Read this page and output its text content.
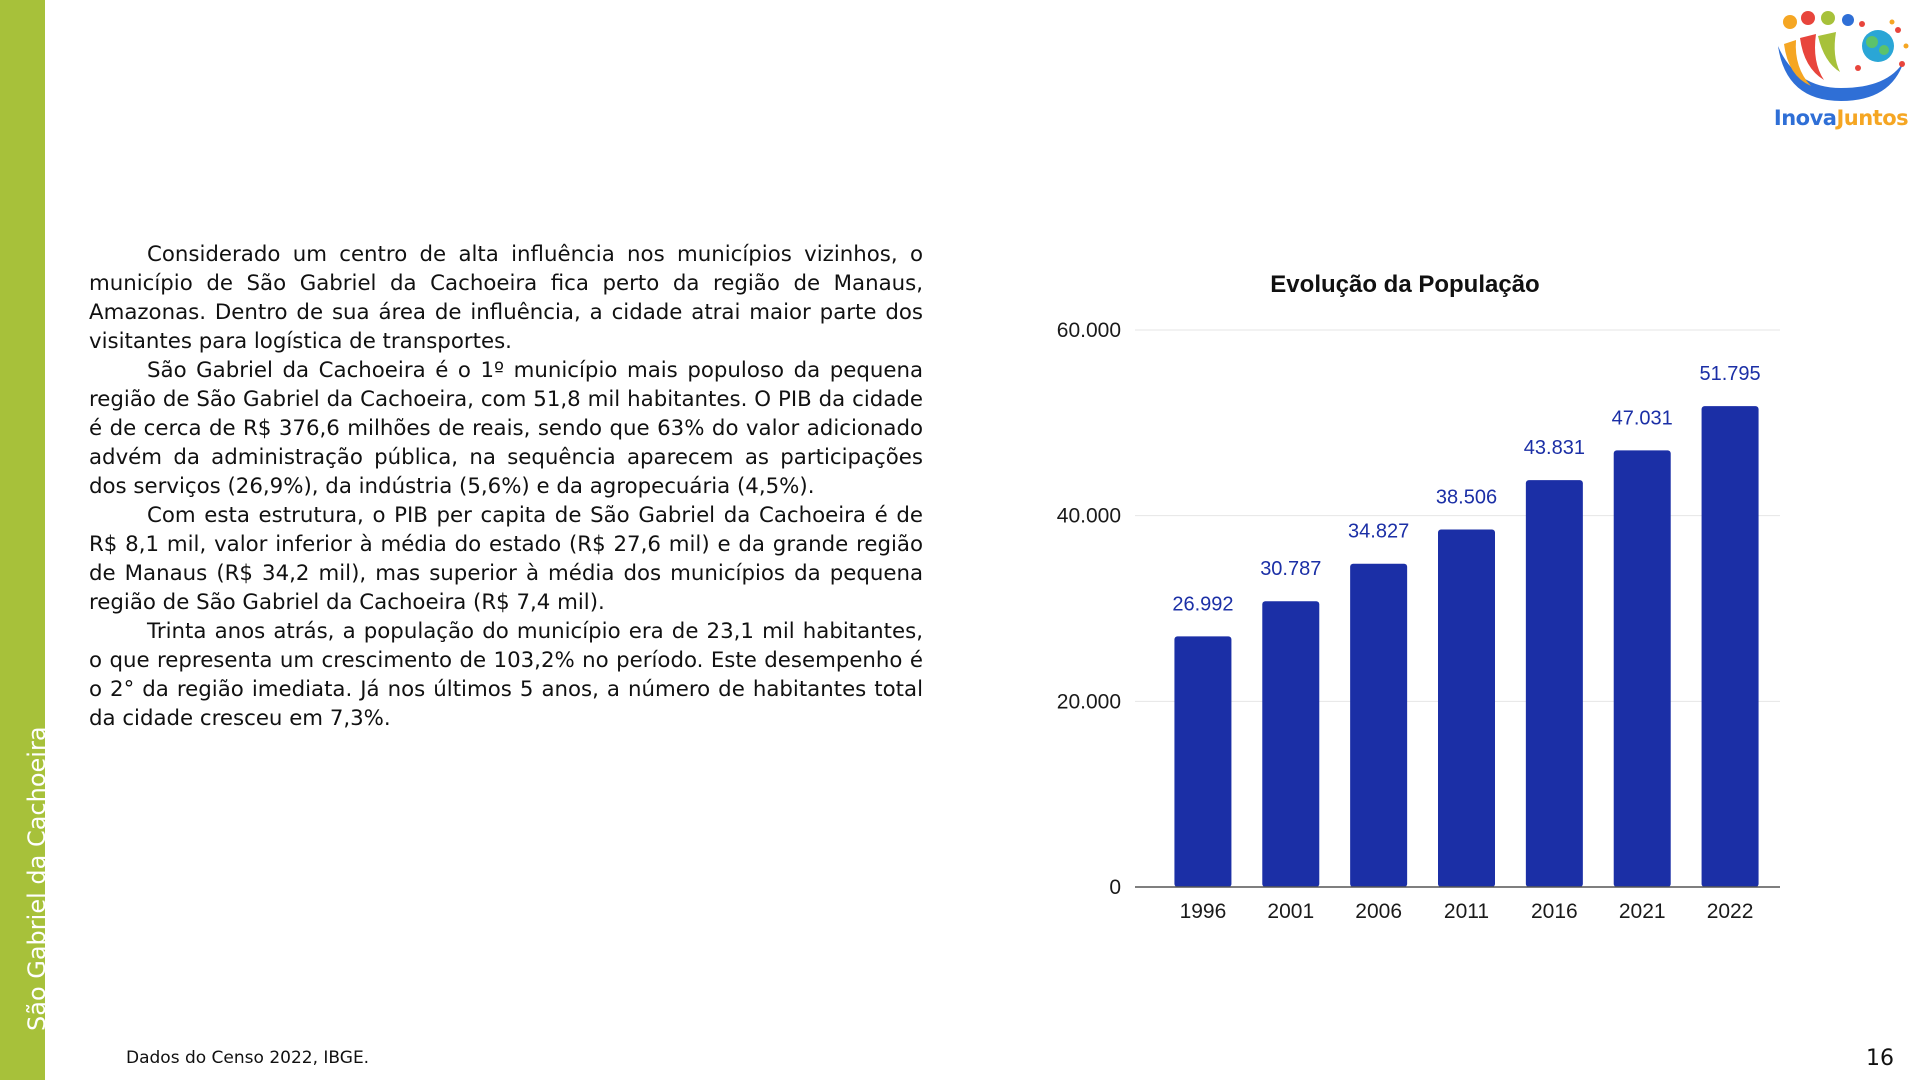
São Gabriel da Cachoeira
InovaJuntos

Considerado um centro de alta influência nos municípios vizinhos, o município de São Gabriel da Cachoeira fica perto da região de Manaus, Amazonas. Dentro de sua área de influência, a cidade atrai maior parte dos visitantes para logística de transportes.

São Gabriel da Cachoeira é o 1º município mais populoso da pequena região de São Gabriel da Cachoeira, com 51,8 mil habitantes. O PIB da cidade é de cerca de R$ 376,6 milhões de reais, sendo que 63% do valor adicionado advém da administração pública, na sequência aparecem as participações dos serviços (26,9%), da indústria (5,6%) e da agropecuária (4,5%).

Com esta estrutura, o PIB per capita de São Gabriel da Cachoeira é de R$ 8,1 mil, valor inferior à média do estado (R$ 27,6 mil) e da grande região de Manaus (R$ 34,2 mil), mas superior à média dos municípios da pequena região de São Gabriel da Cachoeira (R$ 7,4 mil).

Trinta anos atrás, a população do município era de 23,1 mil habitantes, o que representa um crescimento de 103,2% no período. Este desempenho é o 2° da região imediata. Já nos últimos 5 anos, a número de habitantes total da cidade cresceu em 7,3%.

Evolução da População
0
20.000
40.000
60.000
26.992
30.787
34.827
38.506
43.831
47.031
51.795
1996 2001 2006 2011 2016 2021 2022
Dados do Censo 2022, IBGE.	16
